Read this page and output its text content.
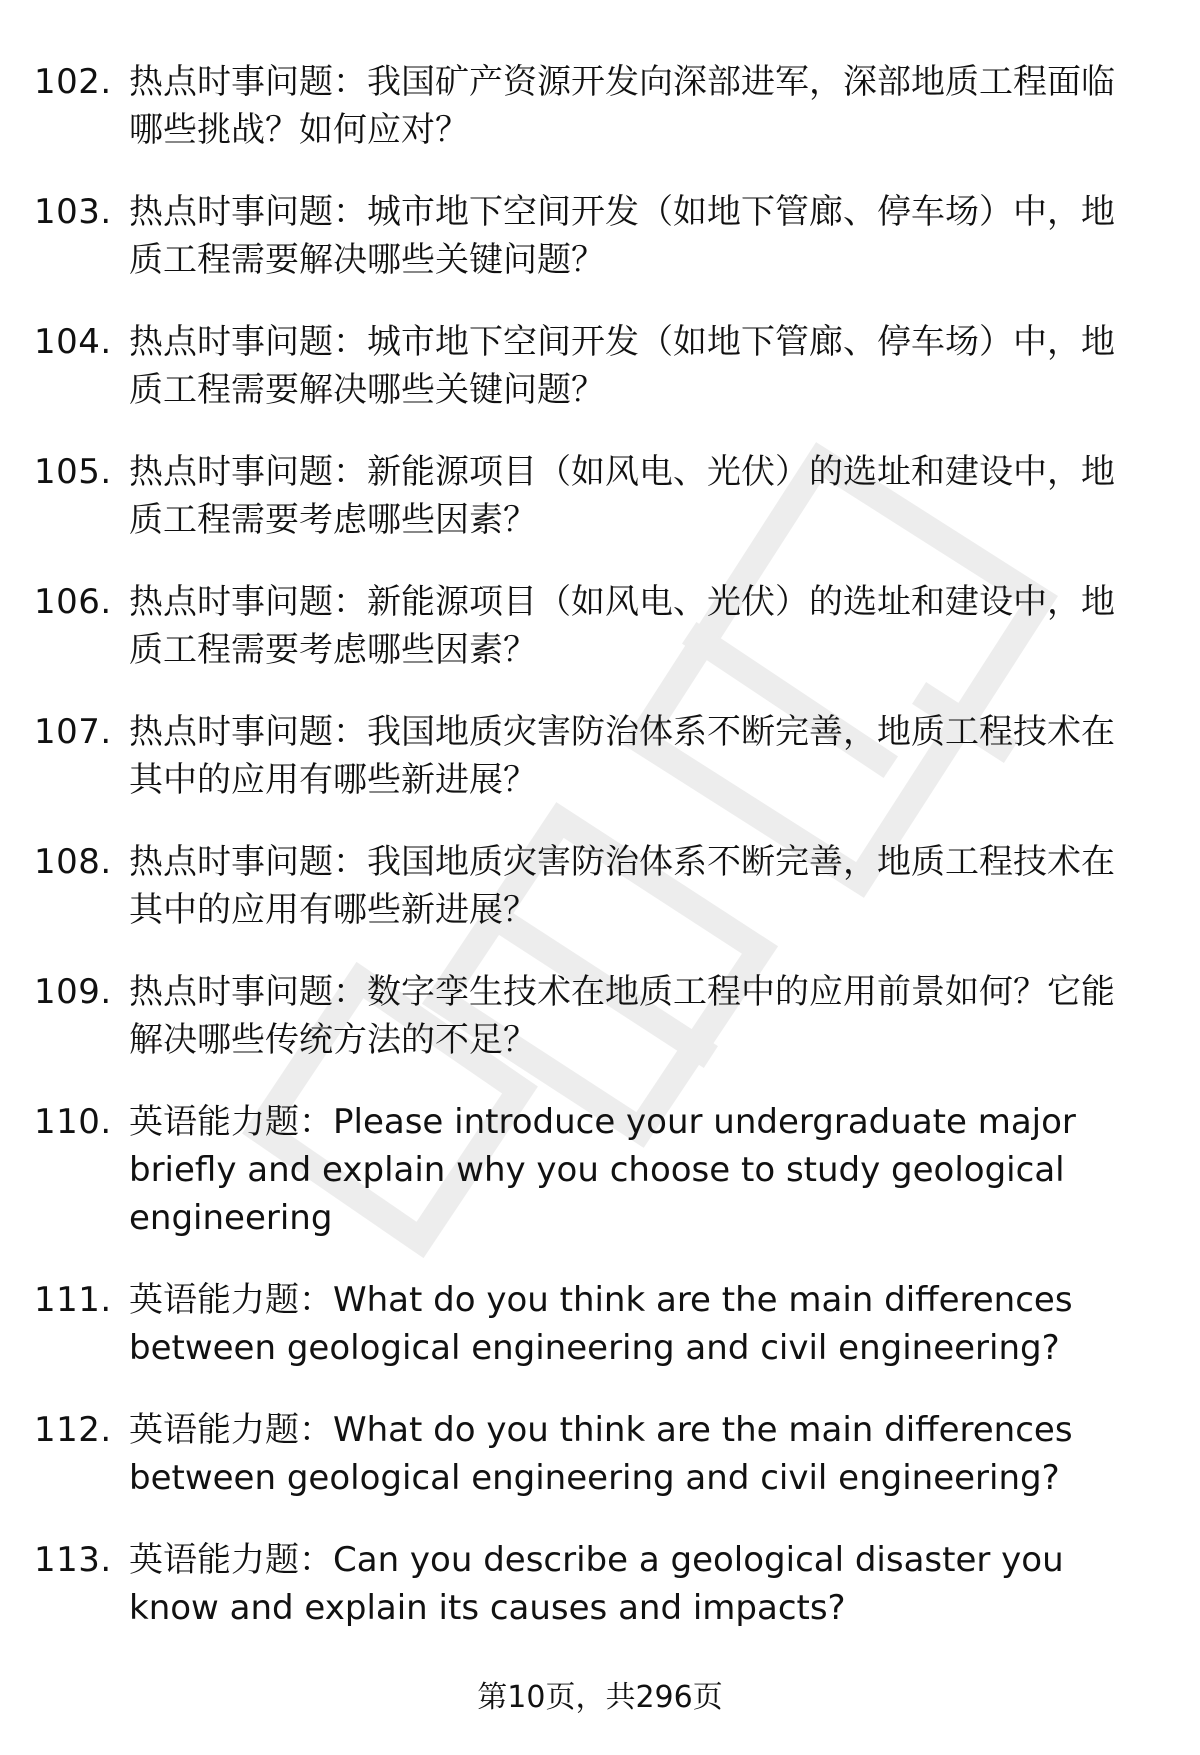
102. 热点时事问题：我国矿产资源开发向深部进军，深部地质工程面临哪些挑战？如何应对？
103. 热点时事问题：城市地下空间开发（如地下管廊、停车场）中，地质工程需要解决哪些关键问题？
104. 热点时事问题：城市地下空间开发（如地下管廊、停车场）中，地质工程需要解决哪些关键问题？
105. 热点时事问题：新能源项目（如风电、光伏）的选址和建设中，地质工程需要考虑哪些因素？
106. 热点时事问题：新能源项目（如风电、光伏）的选址和建设中，地质工程需要考虑哪些因素？
107. 热点时事问题：我国地质灾害防治体系不断完善，地质工程技术在其中的应用有哪些新进展？
108. 热点时事问题：我国地质灾害防治体系不断完善，地质工程技术在其中的应用有哪些新进展？
109. 热点时事问题：数字孪生技术在地质工程中的应用前景如何？它能解决哪些传统方法的不足？
110. 英语能力题：Please introduce your undergraduate major briefly and explain why you choose to study geological engineering
111. 英语能力题：What do you think are the main differences between geological engineering and civil engineering?
112. 英语能力题：What do you think are the main differences between geological engineering and civil engineering?
113. 英语能力题：Can you describe a geological disaster you know and explain its causes and impacts?
第10页，共296页
